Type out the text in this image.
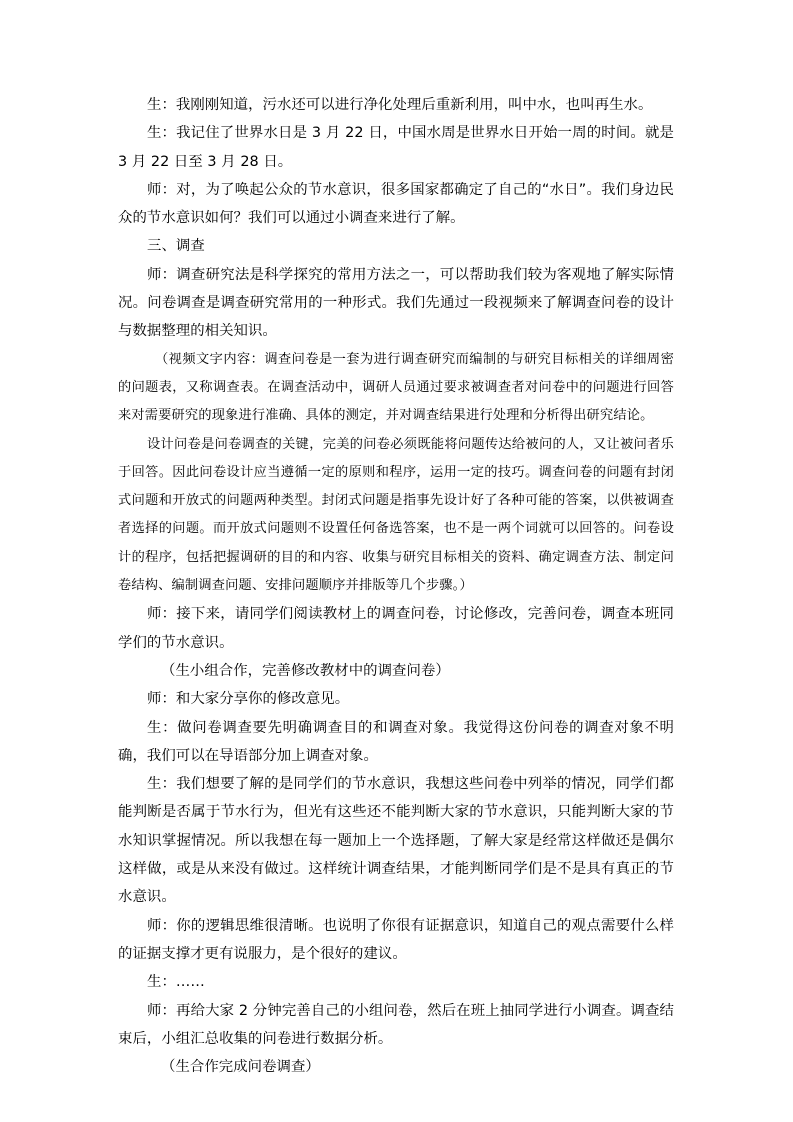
生：我刚刚知道，污水还可以进行净化处理后重新利用，叫中水，也叫再生水。

生：我记住了世界水日是 3 月 22 日，中国水周是世界水日开始一周的时间。就是 3 月 22 日至 3 月 28 日。

师：对，为了唤起公众的节水意识，很多国家都确定了自己的“水日”。我们身边民众的节水意识如何？我们可以通过小调查来进行了解。

三、调查

师：调查研究法是科学探究的常用方法之一，可以帮助我们较为客观地了解实际情况。问卷调查是调查研究常用的一种形式。我们先通过一段视频来了解调查问卷的设计与数据整理的相关知识。

（视频文字内容：调查问卷是一套为进行调查研究而编制的与研究目标相关的详细周密的问题表，又称调查表。在调查活动中，调研人员通过要求被调查者对问卷中的问题进行回答来对需要研究的现象进行准确、具体的测定，并对调查结果进行处理和分析得出研究结论。

设计问卷是问卷调查的关键，完美的问卷必须既能将问题传达给被问的人，又让被问者乐于回答。因此问卷设计应当遵循一定的原则和程序，运用一定的技巧。调查问卷的问题有封闭式问题和开放式的问题两种类型。封闭式问题是指事先设计好了各种可能的答案，以供被调查者选择的问题。而开放式问题则不设置任何备选答案，也不是一两个词就可以回答的。问卷设计的程序，包括把握调研的目的和内容、收集与研究目标相关的资料、确定调查方法、制定问卷结构、编制调查问题、安排问题顺序并排版等几个步骤。）

师：接下来，请同学们阅读教材上的调查问卷，讨论修改，完善问卷，调查本班同学们的节水意识。

（生小组合作，完善修改教材中的调查问卷）

师：和大家分享你的修改意见。

生：做问卷调查要先明确调查目的和调查对象。我觉得这份问卷的调查对象不明确，我们可以在导语部分加上调查对象。

生：我们想要了解的是同学们的节水意识，我想这些问卷中列举的情况，同学们都能判断是否属于节水行为，但光有这些还不能判断大家的节水意识，只能判断大家的节水知识掌握情况。所以我想在每一题加上一个选择题，了解大家是经常这样做还是偶尔这样做，或是从来没有做过。这样统计调查结果，才能判断同学们是不是具有真正的节水意识。

师：你的逻辑思维很清晰。也说明了你很有证据意识，知道自己的观点需要什么样的证据支撑才更有说服力，是个很好的建议。

生：……

师：再给大家 2 分钟完善自己的小组问卷，然后在班上抽同学进行小调查。调查结束后，小组汇总收集的问卷进行数据分析。

（生合作完成问卷调查）
